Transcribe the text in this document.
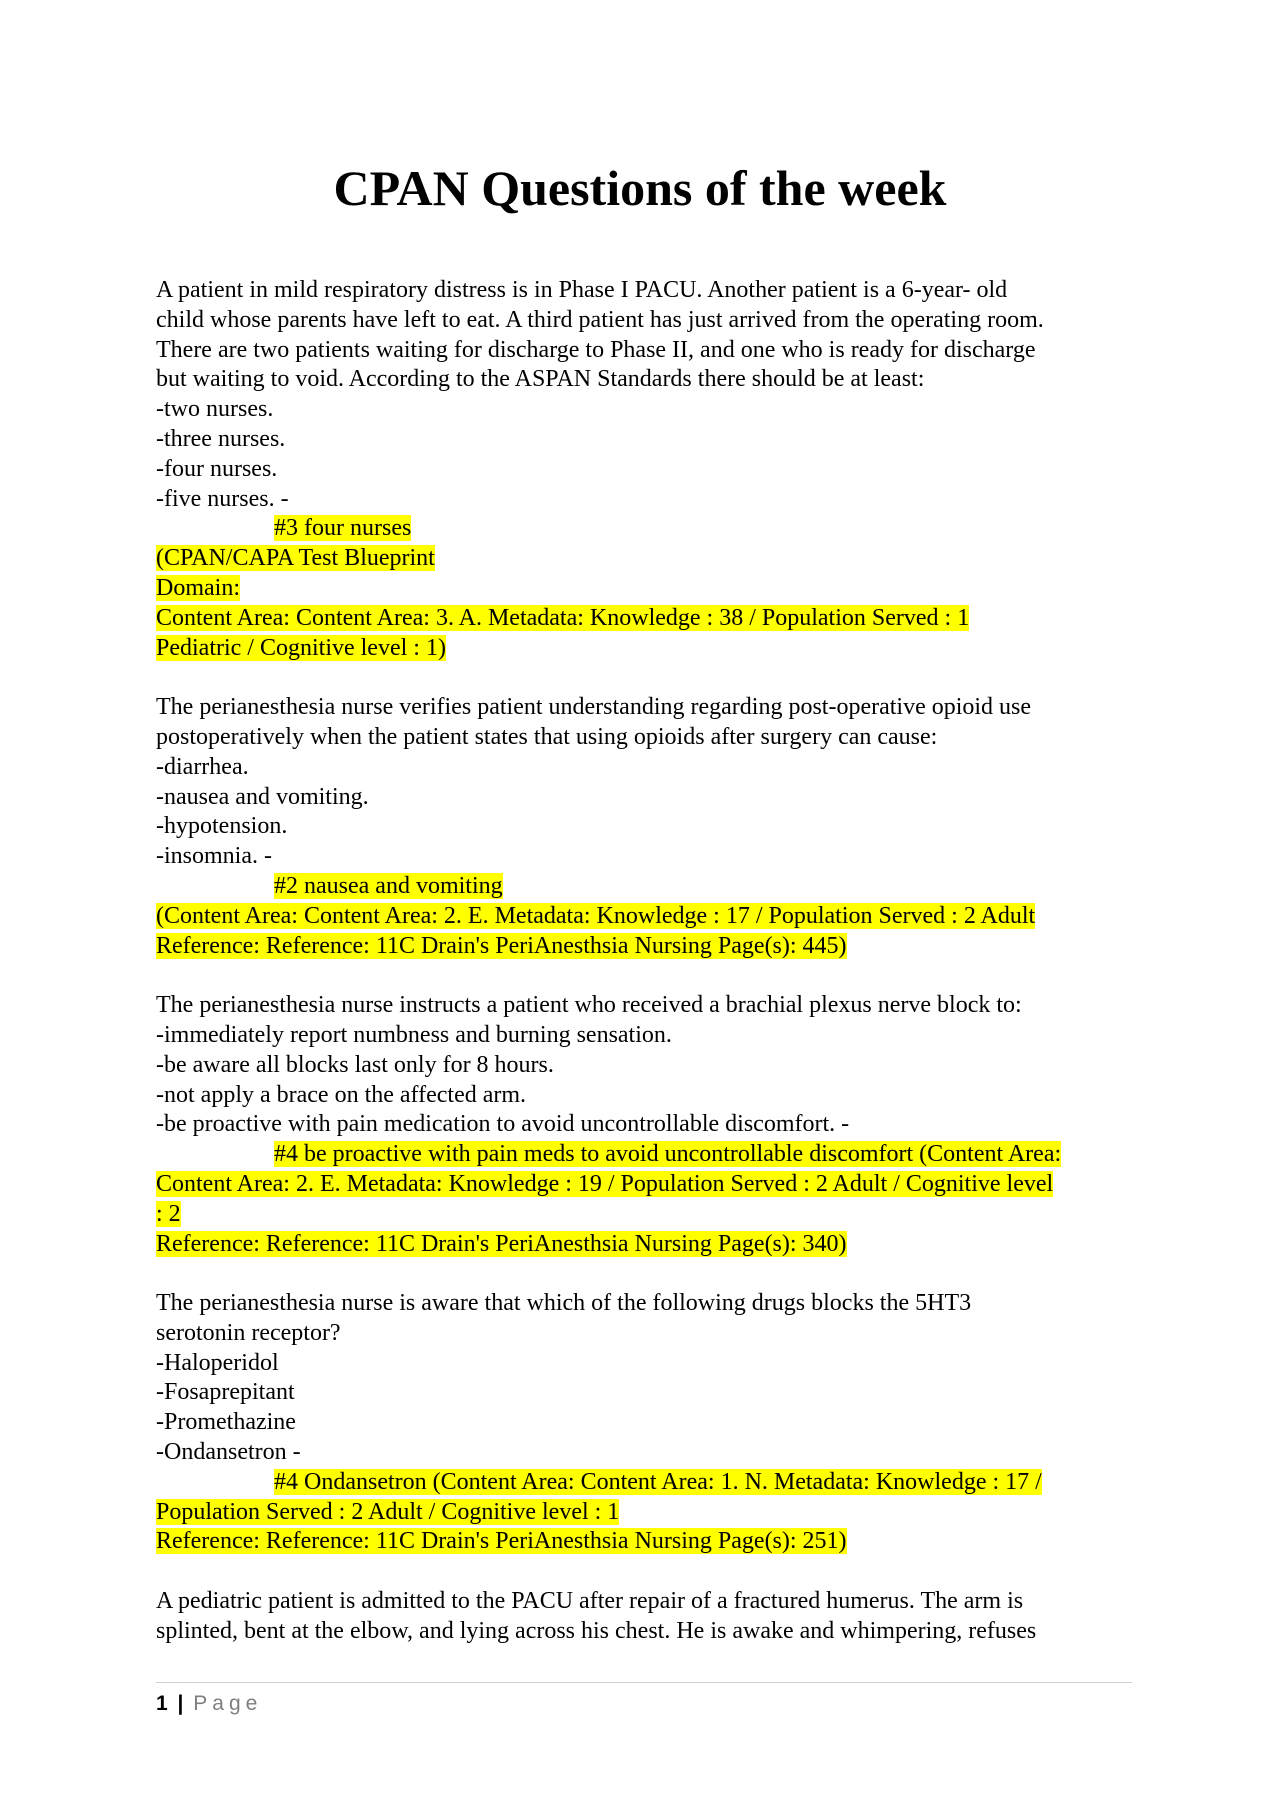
CPAN Questions of the week
A patient in mild respiratory distress is in Phase I PACU. Another patient is a 6-year- old
child whose parents have left to eat. A third patient has just arrived from the operating room.
There are two patients waiting for discharge to Phase II, and one who is ready for discharge
but waiting to void. According to the ASPAN Standards there should be at least:
-two nurses.
-three nurses.
-four nurses.
-five nurses. -
#3 four nurses
(CPAN/CAPA Test Blueprint
Domain:
Content Area: Content Area: 3. A. Metadata: Knowledge : 38 / Population Served : 1
Pediatric / Cognitive level : 1)
The perianesthesia nurse verifies patient understanding regarding post-operative opioid use
postoperatively when the patient states that using opioids after surgery can cause:
-diarrhea.
-nausea and vomiting.
-hypotension.
-insomnia. -
#2 nausea and vomiting
(Content Area: Content Area: 2. E. Metadata: Knowledge : 17 / Population Served : 2 Adult
Reference: Reference: 11C Drain's PeriAnesthsia Nursing Page(s): 445)
The perianesthesia nurse instructs a patient who received a brachial plexus nerve block to:
-immediately report numbness and burning sensation.
-be aware all blocks last only for 8 hours.
-not apply a brace on the affected arm.
-be proactive with pain medication to avoid uncontrollable discomfort. -
#4 be proactive with pain meds to avoid uncontrollable discomfort (Content Area:
Content Area: 2. E. Metadata: Knowledge : 19 / Population Served : 2 Adult / Cognitive level
: 2
Reference: Reference: 11C Drain's PeriAnesthsia Nursing Page(s): 340)
The perianesthesia nurse is aware that which of the following drugs blocks the 5HT3
serotonin receptor?
-Haloperidol
-Fosaprepitant
-Promethazine
-Ondansetron -
#4 Ondansetron (Content Area: Content Area: 1. N. Metadata: Knowledge : 17 /
Population Served : 2 Adult / Cognitive level : 1
Reference: Reference: 11C Drain's PeriAnesthsia Nursing Page(s): 251)
A pediatric patient is admitted to the PACU after repair of a fractured humerus. The arm is
splinted, bent at the elbow, and lying across his chest. He is awake and whimpering, refuses
1 | Page
